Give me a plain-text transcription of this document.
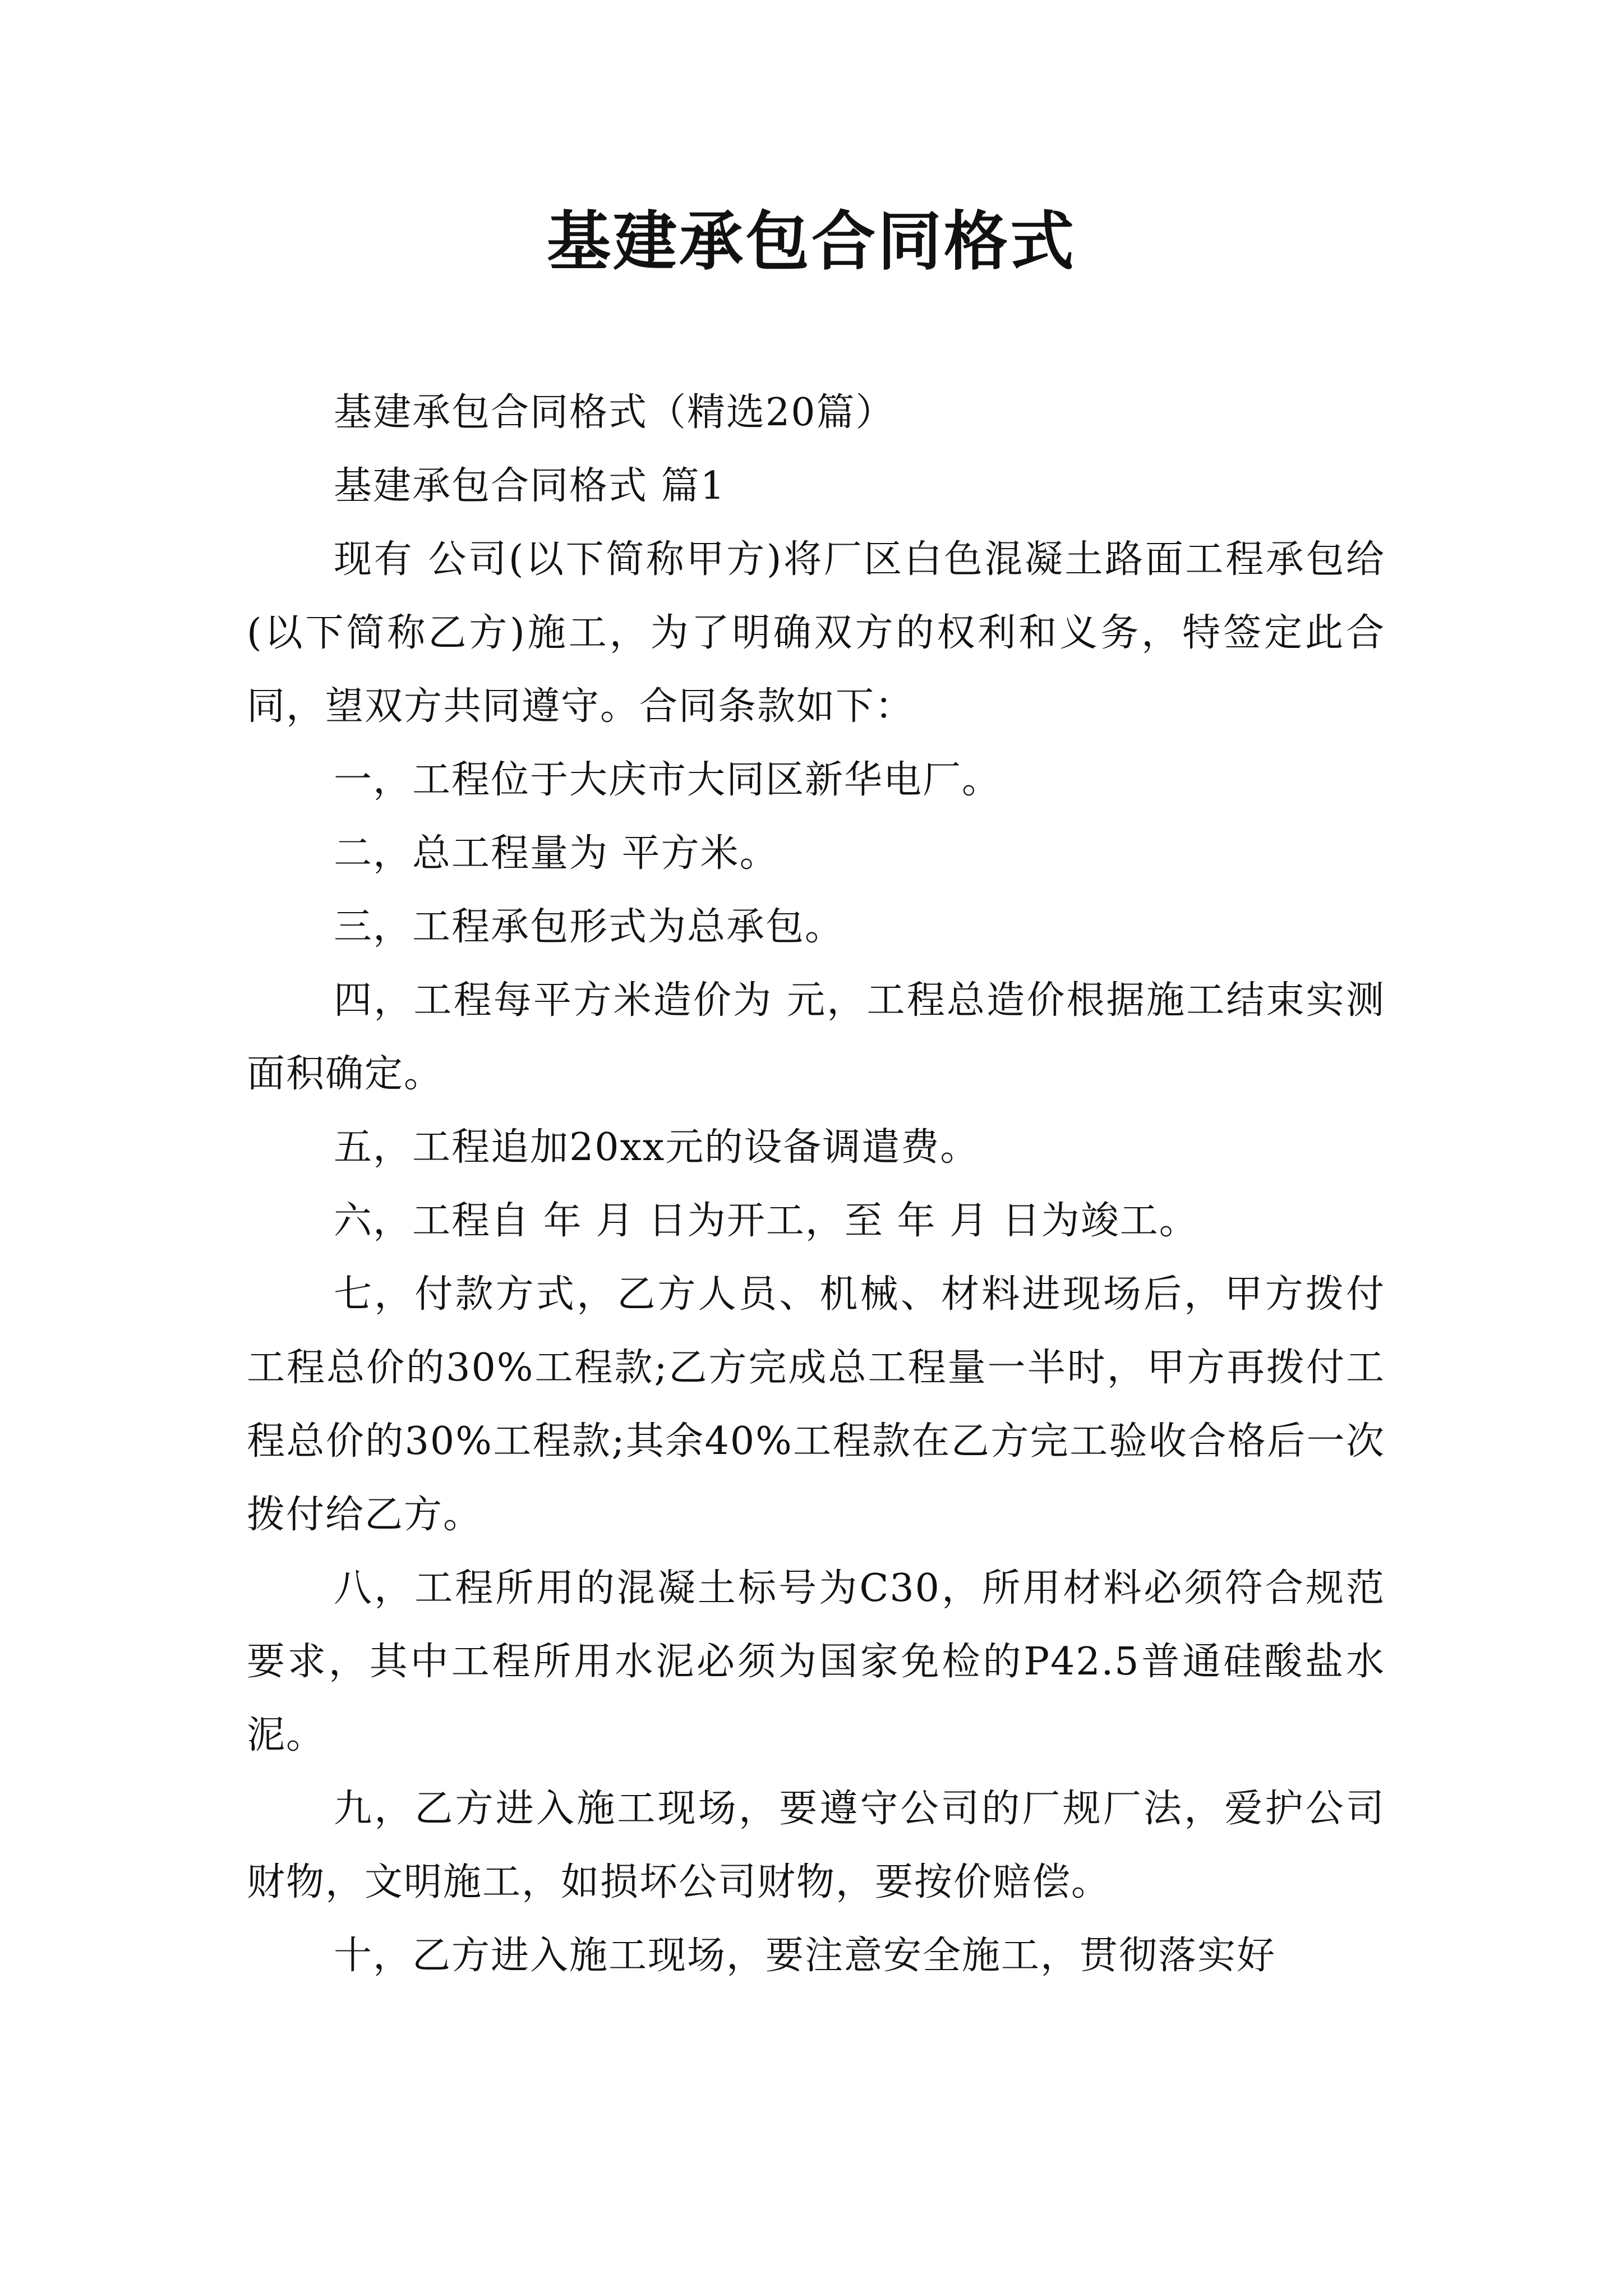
基建承包合同格式

基建承包合同格式（精选20篇）

基建承包合同格式 篇1

现有 公司(以下简称甲方)将厂区白色混凝土路面工程承包给 (以下简称乙方)施工，为了明确双方的权利和义务，特签定此合同，望双方共同遵守。合同条款如下：

一，工程位于大庆市大同区新华电厂。

二，总工程量为 平方米。

三，工程承包形式为总承包。

四，工程每平方米造价为 元，工程总造价根据施工结束实测面积确定。

五，工程追加20xx元的设备调遣费。

六，工程自 年 月 日为开工，至 年 月 日为竣工。

七，付款方式，乙方人员、机械、材料进现场后，甲方拨付工程总价的30%工程款;乙方完成总工程量一半时，甲方再拨付工程总价的30%工程款;其余40%工程款在乙方完工验收合格后一次拨付给乙方。

八，工程所用的混凝土标号为C30，所用材料必须符合规范要求，其中工程所用水泥必须为国家免检的P42.5普通硅酸盐水泥。

九，乙方进入施工现场，要遵守公司的厂规厂法，爱护公司财物，文明施工，如损坏公司财物，要按价赔偿。

十，乙方进入施工现场，要注意安全施工，贯彻落实好
